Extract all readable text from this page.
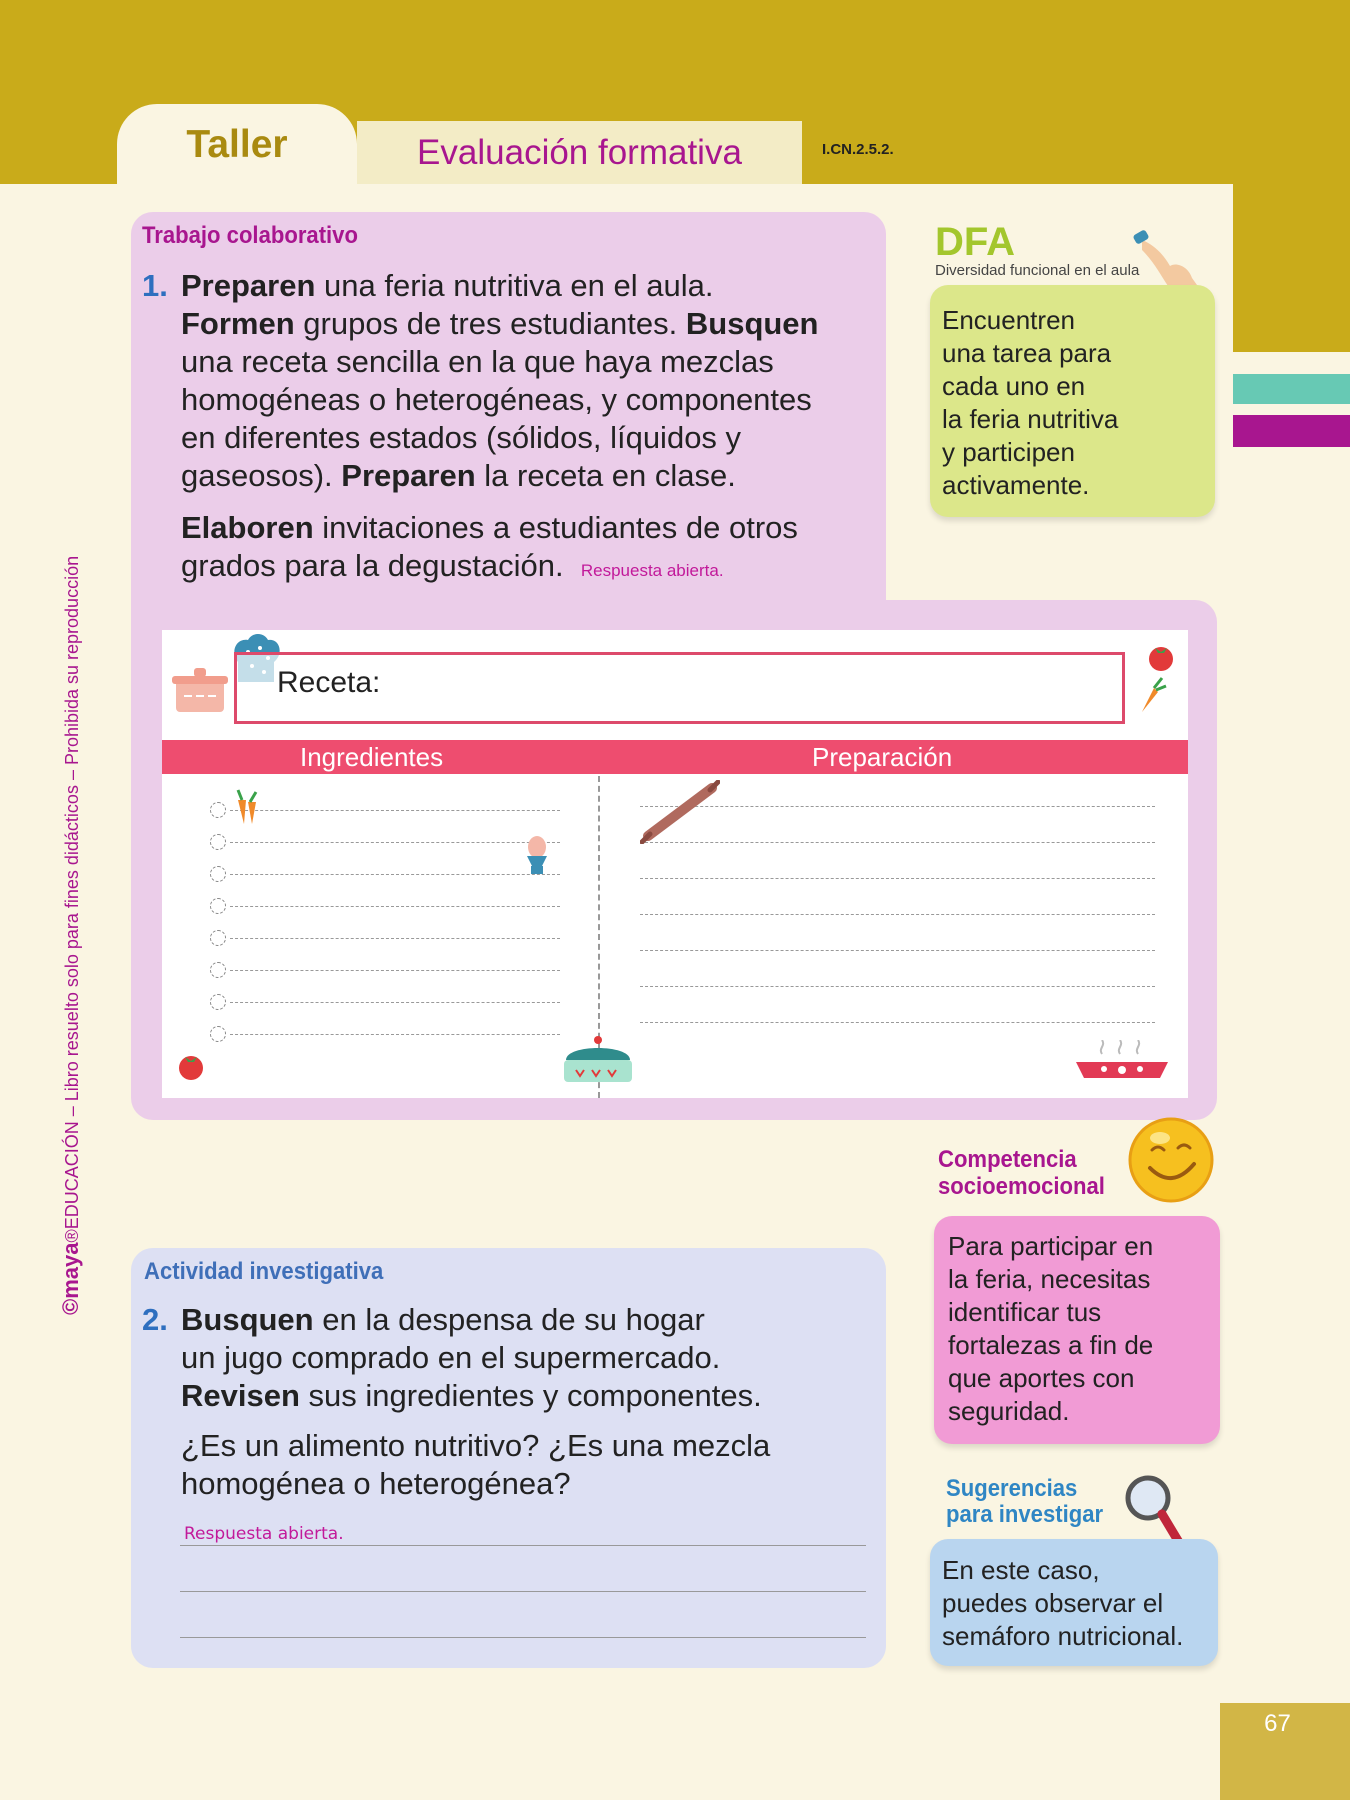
Taller	Evaluación formativa	I.CN.2.5.2.
©maya®EDUCACIÓN – Libro resuelto solo para fines didácticos – Prohibida su reproducción
Trabajo colaborativo
1. Preparen una feria nutritiva en el aula.
Formen grupos de tres estudiantes. Busquen
una receta sencilla en la que haya mezclas
homogéneas o heterogéneas, y componentes
en diferentes estados (sólidos, líquidos y
gaseosos). Preparen la receta en clase.
Elaboren invitaciones a estudiantes de otros
grados para la degustación. Respuesta abierta.
Receta:
Ingredientes	Preparación
DFA
Diversidad funcional en el aula
Encuentren
una tarea para
cada uno en
la feria nutritiva
y participen
activamente.
Competencia
socioemocional
Para participar en
la feria, necesitas
identificar tus
fortalezas a fin de
que aportes con
seguridad.
Sugerencias
para investigar
En este caso,
puedes observar el
semáforo nutricional.
Actividad investigativa
2. Busquen en la despensa de su hogar
un jugo comprado en el supermercado.
Revisen sus ingredientes y componentes.
¿Es un alimento nutritivo? ¿Es una mezcla
homogénea o heterogénea?
Respuesta abierta.
67
